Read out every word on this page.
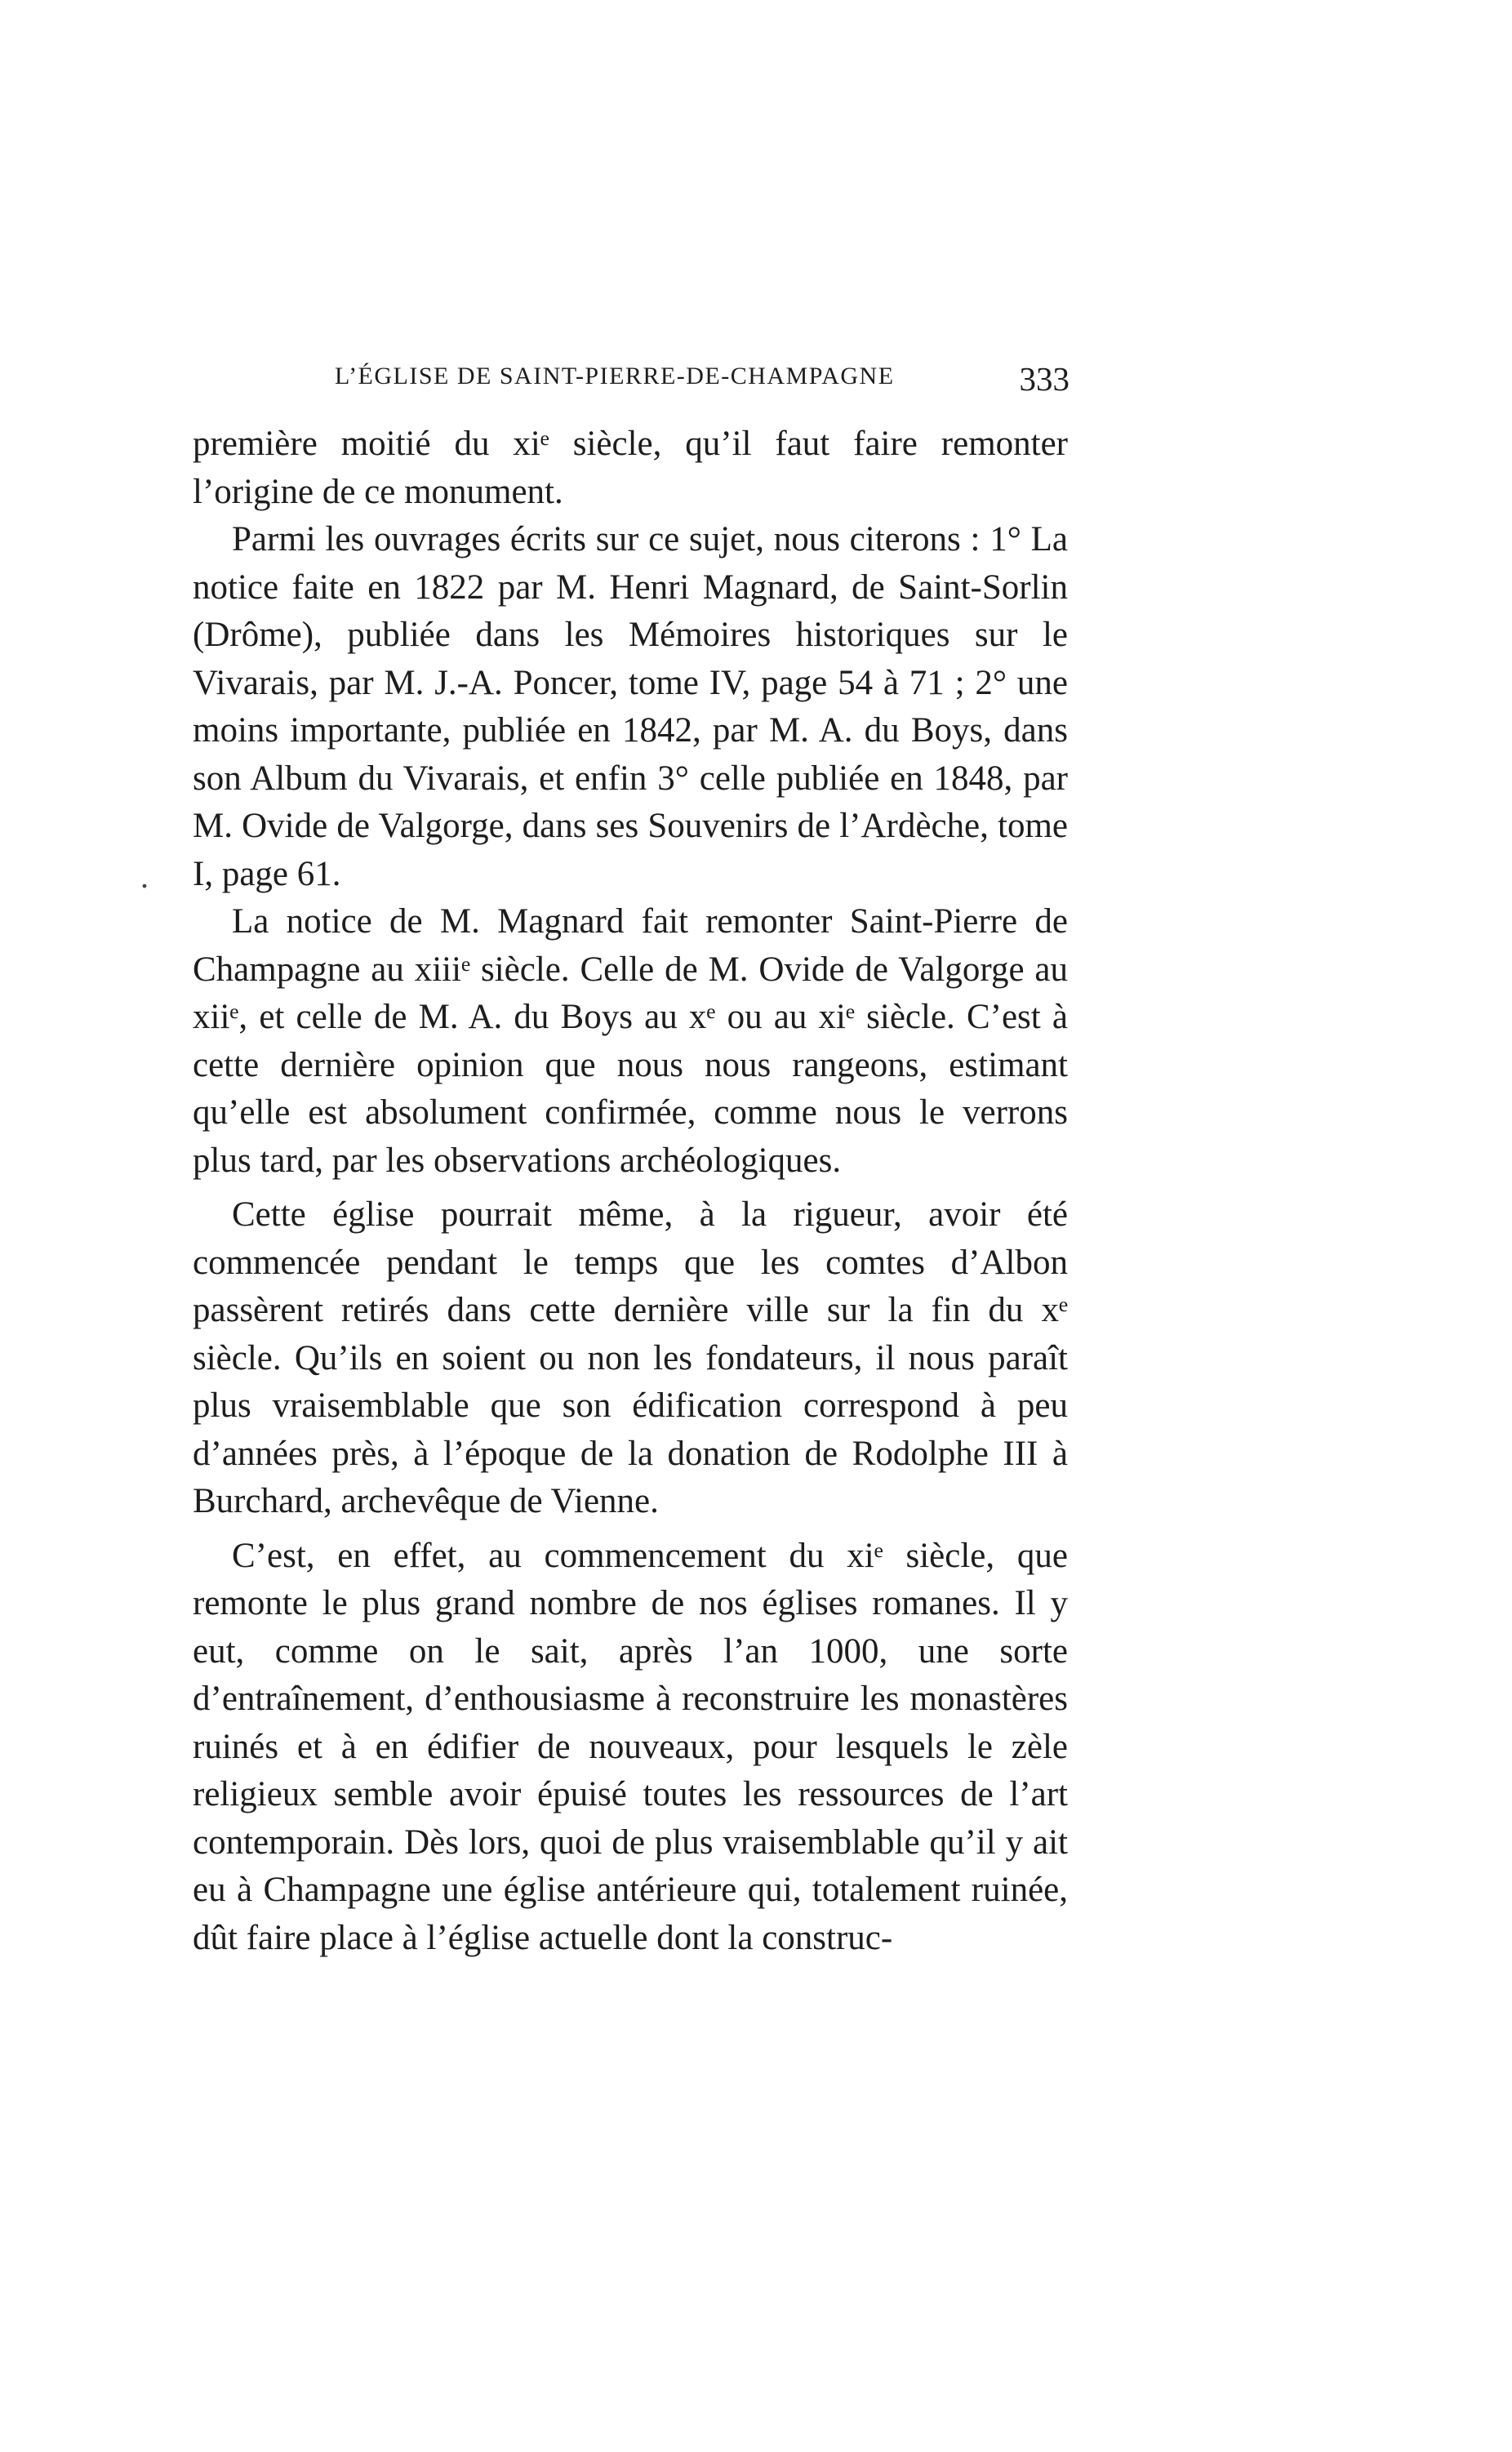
L’ÉGLISE DE SAINT-PIERRE-DE-CHAMPAGNE	333

première moitié du xiᵉ siècle, qu’il faut faire remonter l’origine de ce monument.

Parmi les ouvrages écrits sur ce sujet, nous citerons : 1° La notice faite en 1822 par M. Henri Magnard, de Saint-Sorlin (Drôme), publiée dans les Mémoires historiques sur le Vivarais, par M. J.-A. Poncer, tome IV, page 54 à 71 ; 2° une moins importante, publiée en 1842, par M. A. du Boys, dans son Album du Vivarais, et enfin 3° celle publiée en 1848, par M. Ovide de Valgorge, dans ses Souvenirs de l’Ardèche, tome I, page 61.

La notice de M. Magnard fait remonter Saint-Pierre de Champagne au xiiiᵉ siècle. Celle de M. Ovide de Valgorge au xiiᵉ, et celle de M. A. du Boys au xᵉ ou au xiᵉ siècle. C’est à cette dernière opinion que nous nous rangeons, estimant qu’elle est absolument confirmée, comme nous le verrons plus tard, par les observations archéologiques.

Cette église pourrait même, à la rigueur, avoir été commencée pendant le temps que les comtes d’Albon passèrent retirés dans cette dernière ville sur la fin du xᵉ siècle. Qu’ils en soient ou non les fondateurs, il nous paraît plus vraisemblable que son édification correspond à peu d’années près, à l’époque de la donation de Rodolphe III à Burchard, archevêque de Vienne.

C’est, en effet, au commencement du xiᵉ siècle, que remonte le plus grand nombre de nos églises romanes. Il y eut, comme on le sait, après l’an 1000, une sorte d’entraînement, d’enthousiasme à reconstruire les monastères ruinés et à en édifier de nouveaux, pour lesquels le zèle religieux semble avoir épuisé toutes les ressources de l’art contemporain. Dès lors, quoi de plus vraisemblable qu’il y ait eu à Champagne une église antérieure qui, totalement ruinée, dût faire place à l’église actuelle dont la construc-

.
